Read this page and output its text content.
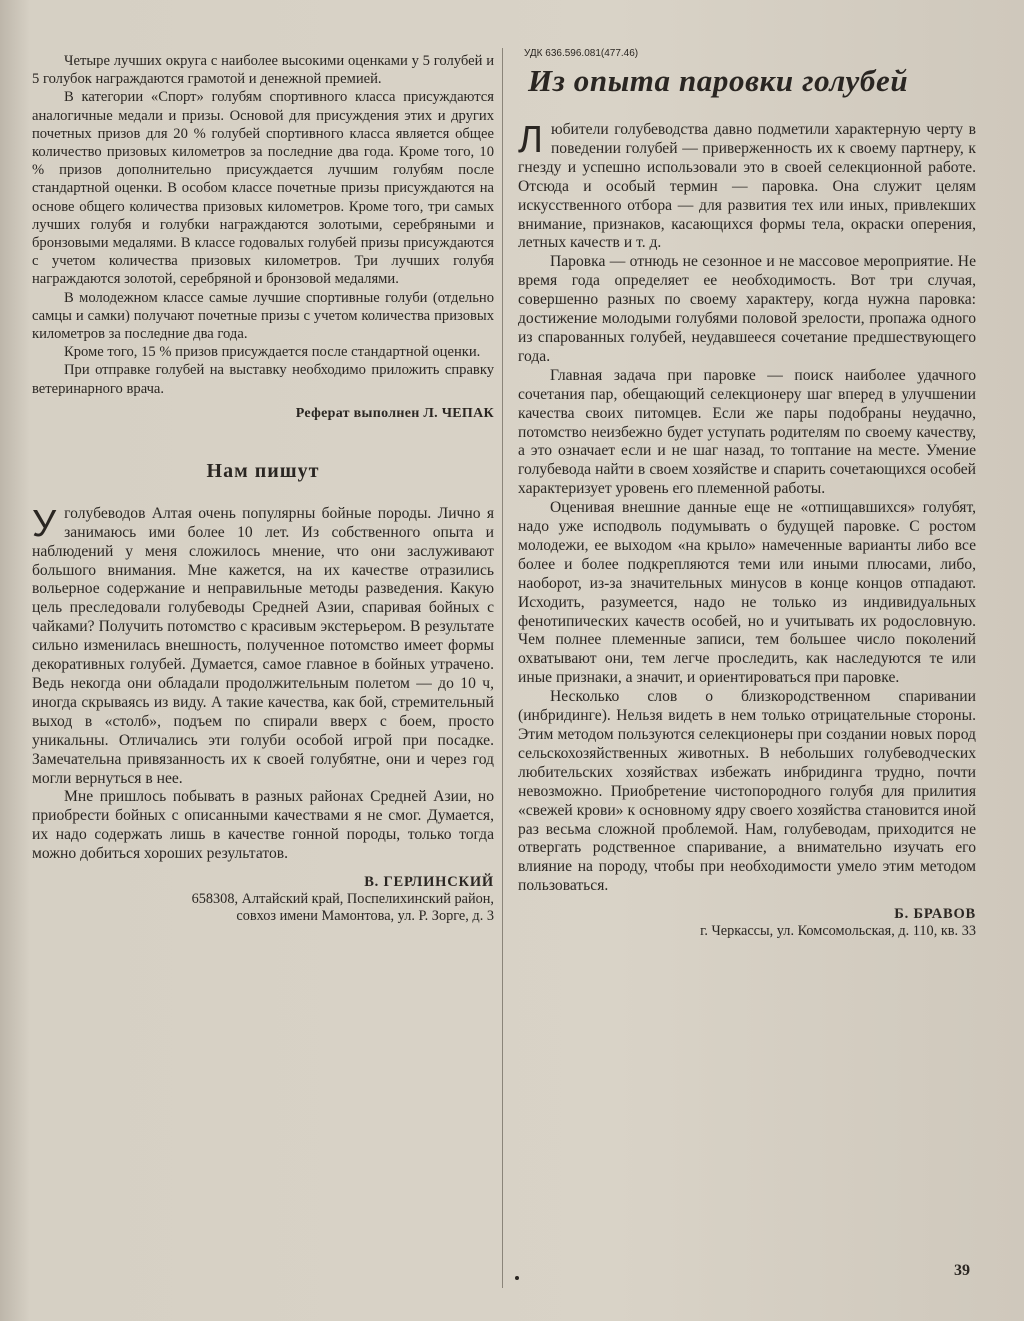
Четыре лучших округа с наиболее высокими оценками у 5 голубей и 5 голубок награждаются грамотой и денежной премией.

В категории «Спорт» голубям спортивного класса присуждаются аналогичные медали и призы. Основой для присуждения этих и других почетных призов для 20 % голубей спортивного класса является общее количество призовых километров за последние два года. Кроме того, 10 % призов дополнительно присуждается лучшим голубям после стандартной оценки. В особом классе почетные призы присуждаются на основе общего количества призовых километров. Кроме того, три самых лучших голубя и голубки награждаются золотыми, серебряными и бронзовыми медалями. В классе годовалых голубей призы присуждаются с учетом количества призовых километров. Три лучших голубя награждаются золотой, серебряной и бронзовой медалями.

В молодежном классе самые лучшие спортивные голуби (отдельно самцы и самки) получают почетные призы с учетом количества призовых километров за последние два года.

Кроме того, 15 % призов присуждается после стандартной оценки.

При отправке голубей на выставку необходимо приложить справку ветеринарного врача.

Реферат выполнен Л. ЧЕПАК
Нам пишут

У голубеводов Алтая очень популярны бойные породы. Лично я занимаюсь ими более 10 лет. Из собственного опыта и наблюдений у меня сложилось мнение, что они заслуживают большого внимания. Мне кажется, на их качестве отразились вольерное содержание и неправильные методы разведения. Какую цель преследовали голубеводы Средней Азии, спаривая бойных с чайками? Получить потомство с красивым экстерьером. В результате сильно изменилась внешность, полученное потомство имеет формы декоративных голубей. Думается, самое главное в бойных утрачено. Ведь некогда они обладали продолжительным полетом — до 10 ч, иногда скрываясь из виду. А такие качества, как бой, стремительный выход в «столб», подъем по спирали вверх с боем, просто уникальны. Отличались эти голуби особой игрой при посадке. Замечательна привязанность их к своей голубятне, они и через год могли вернуться в нее.

Мне пришлось побывать в разных районах Средней Азии, но приобрести бойных с описанными качествами я не смог. Думается, их надо содержать лишь в качестве гонной породы, только тогда можно добиться хороших результатов.

В. ГЕРЛИНСКИЙ
658308, Алтайский край, Поспелихинский район,
совхоз имени Мамонтова, ул. Р. Зорге, д. 3
УДК 636.596.081(477.46)
Из опыта паровки голубей

Любители голубеводства давно подметили характерную черту в поведении голубей — приверженность их к своему партнеру, к гнезду и успешно использовали это в своей селекционной работе. Отсюда и особый термин — паровка. Она служит целям искусственного отбора — для развития тех или иных, привлекших внимание, признаков, касающихся формы тела, окраски оперения, летных качеств и т. д.

Паровка — отнюдь не сезонное и не массовое мероприятие. Не время года определяет ее необходимость. Вот три случая, совершенно разных по своему характеру, когда нужна паровка: достижение молодыми голубями половой зрелости, пропажа одного из спарованных голубей, неудавшееся сочетание предшествующего года.

Главная задача при паровке — поиск наиболее удачного сочетания пар, обещающий селекционеру шаг вперед в улучшении качества своих питомцев. Если же пары подобраны неудачно, потомство неизбежно будет уступать родителям по своему качеству, а это означает если и не шаг назад, то топтание на месте. Умение голубевода найти в своем хозяйстве и спарить сочетающихся особей характеризует уровень его племенной работы.

Оценивая внешние данные еще не «отпищавшихся» голубят, надо уже исподволь подумывать о будущей паровке. С ростом молодежи, ее выходом «на крыло» намеченные варианты либо все более и более подкрепляются теми или иными плюсами, либо, наоборот, из-за значительных минусов в конце концов отпадают. Исходить, разумеется, надо не только из индивидуальных фенотипических качеств особей, но и учитывать их родословную. Чем полнее племенные записи, тем большее число поколений охватывают они, тем легче проследить, как наследуются те или иные признаки, а значит, и ориентироваться при паровке.

Несколько слов о близкородственном спаривании (инбридинге). Нельзя видеть в нем только отрицательные стороны. Этим методом пользуются селекционеры при создании новых пород сельскохозяйственных животных. В небольших голубеводческих любительских хозяйствах избежать инбридинга трудно, почти невозможно. Приобретение чистопородного голубя для прилития «свежей крови» к основному ядру своего хозяйства становится иной раз весьма сложной проблемой. Нам, голубеводам, приходится не отвергать родственное спаривание, а внимательно изучать его влияние на породу, чтобы при необходимости умело этим методом пользоваться.

Б. БРАВОВ
г. Черкассы, ул. Комсомольская, д. 110, кв. 33
39
